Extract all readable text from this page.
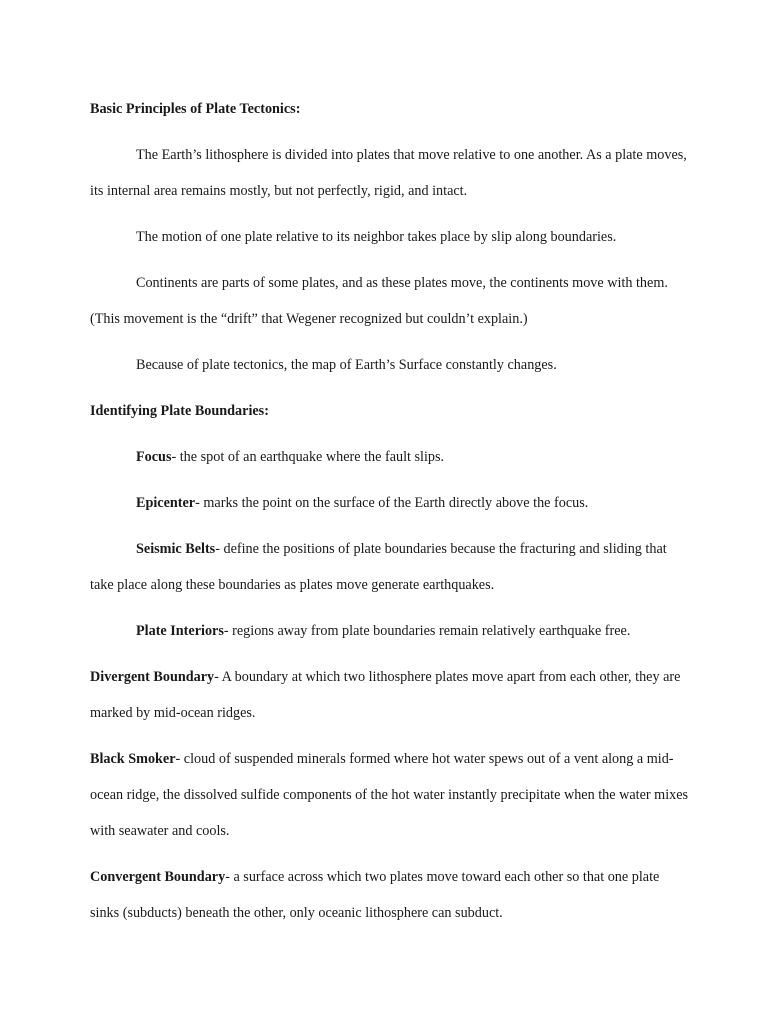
Basic Principles of Plate Tectonics:

The Earth’s lithosphere is divided into plates that move relative to one another. As a plate moves, its internal area remains mostly, but not perfectly, rigid, and intact.

The motion of one plate relative to its neighbor takes place by slip along boundaries.

Continents are parts of some plates, and as these plates move, the continents move with them. (This movement is the “drift” that Wegener recognized but couldn’t explain.)

Because of plate tectonics, the map of Earth’s Surface constantly changes.

Identifying Plate Boundaries:

Focus- the spot of an earthquake where the fault slips.

Epicenter- marks the point on the surface of the Earth directly above the focus.

Seismic Belts- define the positions of plate boundaries because the fracturing and sliding that take place along these boundaries as plates move generate earthquakes.

Plate Interiors- regions away from plate boundaries remain relatively earthquake free.

Divergent Boundary- A boundary at which two lithosphere plates move apart from each other, they are marked by mid-ocean ridges.

Black Smoker- cloud of suspended minerals formed where hot water spews out of a vent along a mid-ocean ridge, the dissolved sulfide components of the hot water instantly precipitate when the water mixes with seawater and cools.

Convergent Boundary- a surface across which two plates move toward each other so that one plate sinks (subducts) beneath the other, only oceanic lithosphere can subduct.
